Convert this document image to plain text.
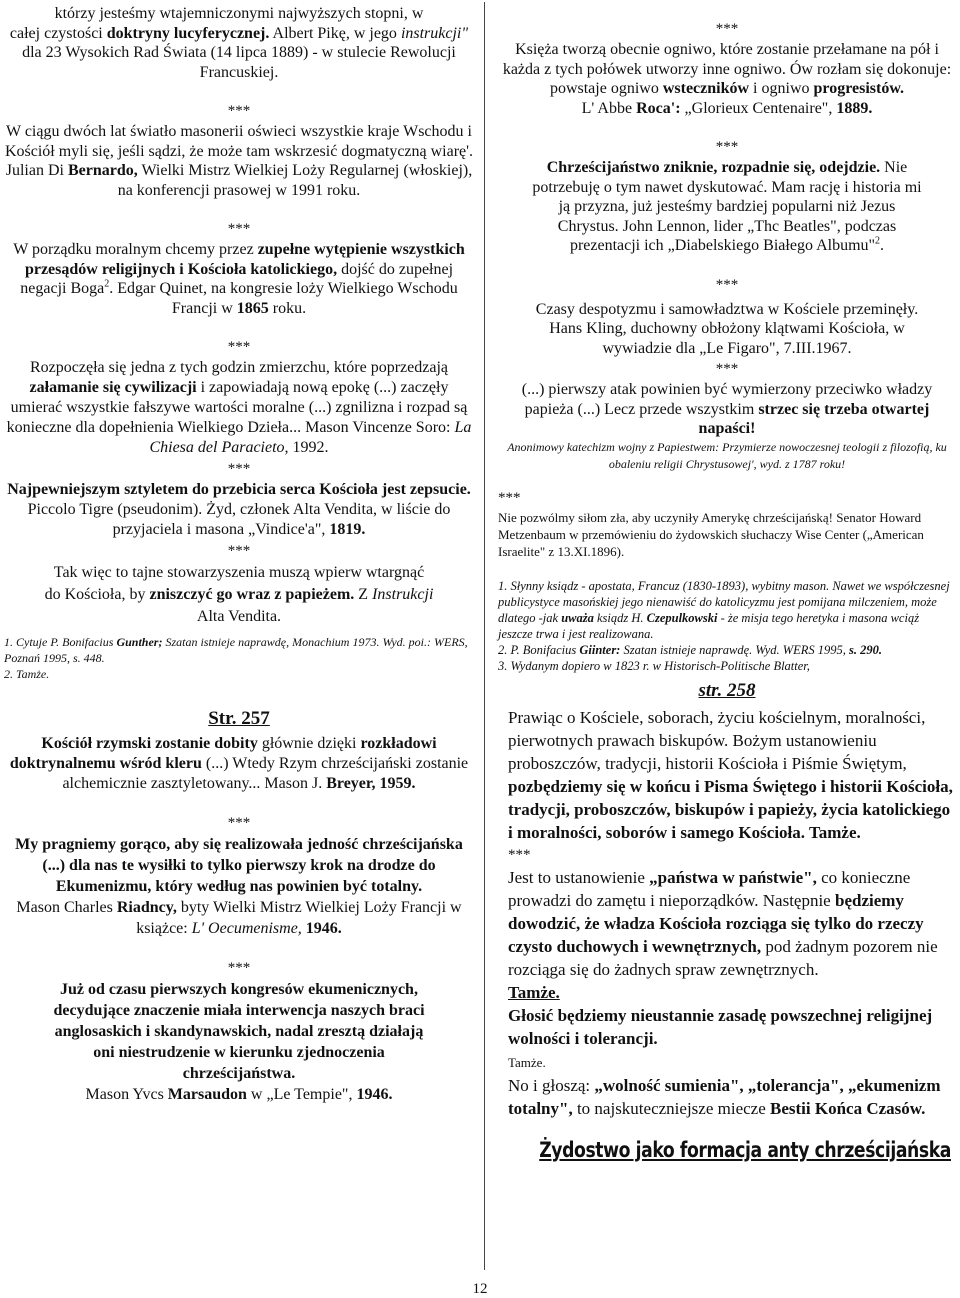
którzy jesteśmy wtajemniczonymi najwyższych stopni, w
całej czystości doktryny lucyferycznej. Albert Pikę, w jego instrukcji" dla 23 Wysokich Rad Świata (14 lipca 1889) - w stulecie Rewolucji Francuskiej.

***

W ciągu dwóch lat światło masonerii oświeci wszystkie kraje Wschodu i Kościół myli się, jeśli sądzi, że może tam wskrzesić dogmatyczną wiarę'. Julian Di Bernardo, Wielki Mistrz Wielkiej Loży Regularnej (włoskiej), na konferencji prasowej w 1991 roku.

***

W porządku moralnym chcemy przez zupełne wytępienie wszystkich przesądów religijnych i Kościoła katolickiego, dojść do zupełnej negacji Boga$^2$. Edgar Quinet, na kongresie loży Wielkiego Wschodu Francji w 1865 roku.

***

Rozpoczęła się jedna z tych godzin zmierzchu, które poprzedzają załamanie się cywilizacji i zapowiadają nową epokę (...) zaczęły umierać wszystkie fałszywe wartości moralne (...) zgnilizna i rozpad są konieczne dla dopełnienia Wielkiego Dzieła... Mason Vincenze Soro: La Chiesa del Paracieto, 1992.

***

Najpewniejszym sztyletem do przebicia serca Kościoła jest zepsucie.
Piccolo Tigre (pseudonim). Żyd, członek Alta Vendita, w liście do przyjaciela i masona „Vindice'a", 1819.

***

Tak więc to tajne stowarzyszenia muszą wpierw wtargnąć do Kościoła, by zniszczyć go wraz z papieżem. Z Instrukcji Alta Vendita.

1. Cytuje P. Bonifacius Gunther; Szatan istnieje naprawdę, Monachium 1973. Wyd. poi.: WERS, Poznań 1995, s. 448.
2. Tamże.

Str. 257

Kościół rzymski zostanie dobity głównie dzięki rozkładowi doktrynalnemu wśród kleru (...) Wtedy Rzym chrześcijański zostanie alchemicznie zasztyletowany... Mason J. Breyer, 1959.

***

My pragniemy gorąco, aby się realizowała jedność chrześcijańska (...) dla nas te wysiłki to tylko pierwszy krok na drodze do Ekumenizmu, który według nas powinien być totalny.
Mason Charles Riadncy, byty Wielki Mistrz Wielkiej Loży Francji w książce: L' Oecumenisme, 1946.

***

Już od czasu pierwszych kongresów ekumenicznych, decydujące znaczenie miała interwencja naszych braci anglosaskich i skandynawskich, nadal zresztą działają oni niestrudzenie w kierunku zjednoczenia chrześcijaństwa.
Mason Yvcs Marsaudon w „Le Tempie", 1946.

***

Księża tworzą obecnie ogniwo, które zostanie przełamane na pół i każda z tych połówek utworzy inne ogniwo. Ów rozłam się dokonuje: powstaje ogniwo wsteczników i ogniwo progresistów.
L' Abbe Roca': „Glorieux Centenaire", 1889.

***

Chrześcijaństwo zniknie, rozpadnie się, odejdzie. Nie potrzebuję o tym nawet dyskutować. Mam rację i historia mi ją przyzna, już jesteśmy bardziej popularni niż Jezus Chrystus. John Lennon, lider „Thc Beatles", podczas prezentacji ich „Diabelskiego Białego Albumu"$^2$.

***

Czasy despotyzmu i samowładztwa w Kościele przeminęły. Hans Kling, duchowny obłożony klątwami Kościoła, w wywiadzie dla „Le Figaro", 7.III.1967.

***

(...) pierwszy atak powinien być wymierzony przeciwko władzy papieża (...) Lecz przede wszystkim strzec się trzeba otwartej napaści!

Anonimowy katechizm wojny z Papiestwem: Przymierze nowoczesnej teologii z filozofią, ku obaleniu religii Chrystusowej', wyd. z 1787 roku!

***

Nie pozwólmy siłom zła, aby uczyniły Amerykę chrześcijańską! Senator Howard Metzenbaum w przemówieniu do żydowskich słuchaczy Wise Center („American Israelite" z 13.XI.1896).

1. Słynny ksiądz - apostata, Francuz (1830-1893), wybitny mason. Nawet we współczesnej publicystyce masońskiej jego nienawiść do katolicyzmu jest pomijana milczeniem, może dlatego -jak uważa ksiądz H. Czepulkowski - że misja tego heretyka i masona wciąż jeszcze trwa i jest realizowana.
2. P. Bonifacius Giinter: Szatan istnieje naprawdę. Wyd. WERS 1995, s. 290.
3. Wydanym dopiero w 1823 r. w Historisch-Politische Blatter,

str. 258

Prawiąc o Kościele, soborach, życiu kościelnym, moralności, pierwotnych prawach biskupów. Bożym ustanowieniu proboszczów, tradycji, historii Kościoła i Piśmie Świętym, pozbędziemy się w końcu i Pisma Świętego i historii Kościoła, tradycji, proboszczów, biskupów i papieży, życia katolickiego i moralności, soborów i samego Kościoła. Tamże.

***

Jest to ustanowienie „państwa w państwie", co konieczne prowadzi do zamętu i nieporządków. Następnie będziemy dowodzić, że władza Kościoła rozciąga się tylko do rzeczy czysto duchowych i wewnętrznych, pod żadnym pozorem nie rozciąga się do żadnych spraw zewnętrznych.
Tamże.
Głosić będziemy nieustannie zasadę powszechnej religijnej wolności i tolerancji.
Tamże.
No i głoszą: „wolność sumienia", „tolerancja", „ekumenizm totalny", to najskuteczniejsze miecze Bestii Końca Czasów.

Żydostwo jako formacja anty chrześcijańska
12
